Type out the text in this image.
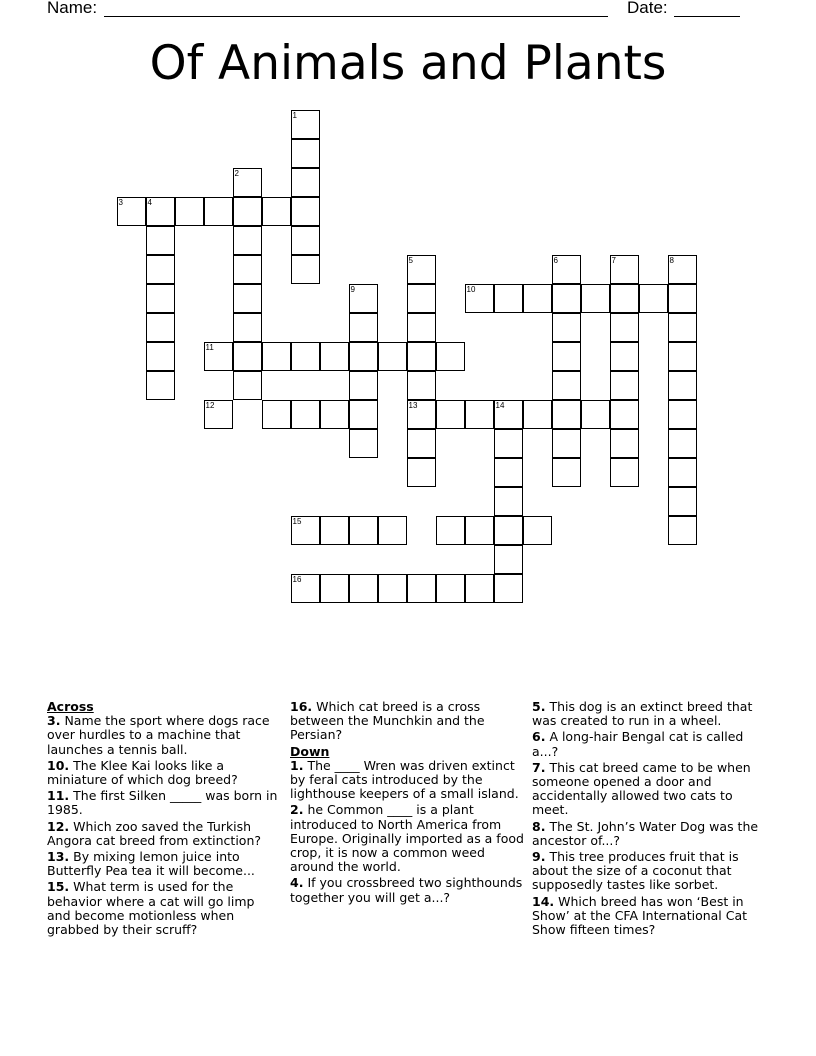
Name:	Date:
Of Animals and Plants
1
2
3	4
5
13
6	7	8
9	10
11
12	14
15
16

Across

3. Name the sport where dogs race over hurdles to a machine that launches a tennis ball.

10. The Klee Kai looks like a miniature of which dog breed?

11. The first Silken _____ was born in 1985.

12. Which zoo saved the Turkish Angora cat breed from extinction?

13. By mixing lemon juice into Butterfly Pea tea it will become...

15. What term is used for the behavior where a cat will go limp and become motionless when grabbed by their scruff?

16. Which cat breed is a cross between the Munchkin and the Persian?

Down

1. The ____ Wren was driven extinct by feral cats introduced by the lighthouse keepers of a small island.

2. he Common ____ is a plant introduced to North America from Europe. Originally imported as a food crop, it is now a common weed around the world.

4. If you crossbreed two sighthounds together you will get a...?

5. This dog is an extinct breed that was created to run in a wheel.

6. A long-hair Bengal cat is called a...?

7. This cat breed came to be when someone opened a door and accidentally allowed two cats to meet.

8. The St. John’s Water Dog was the ancestor of...?

9. This tree produces fruit that is about the size of a coconut that supposedly tastes like sorbet.

14. Which breed has won ‘Best in Show’ at the CFA International Cat Show fifteen times?
